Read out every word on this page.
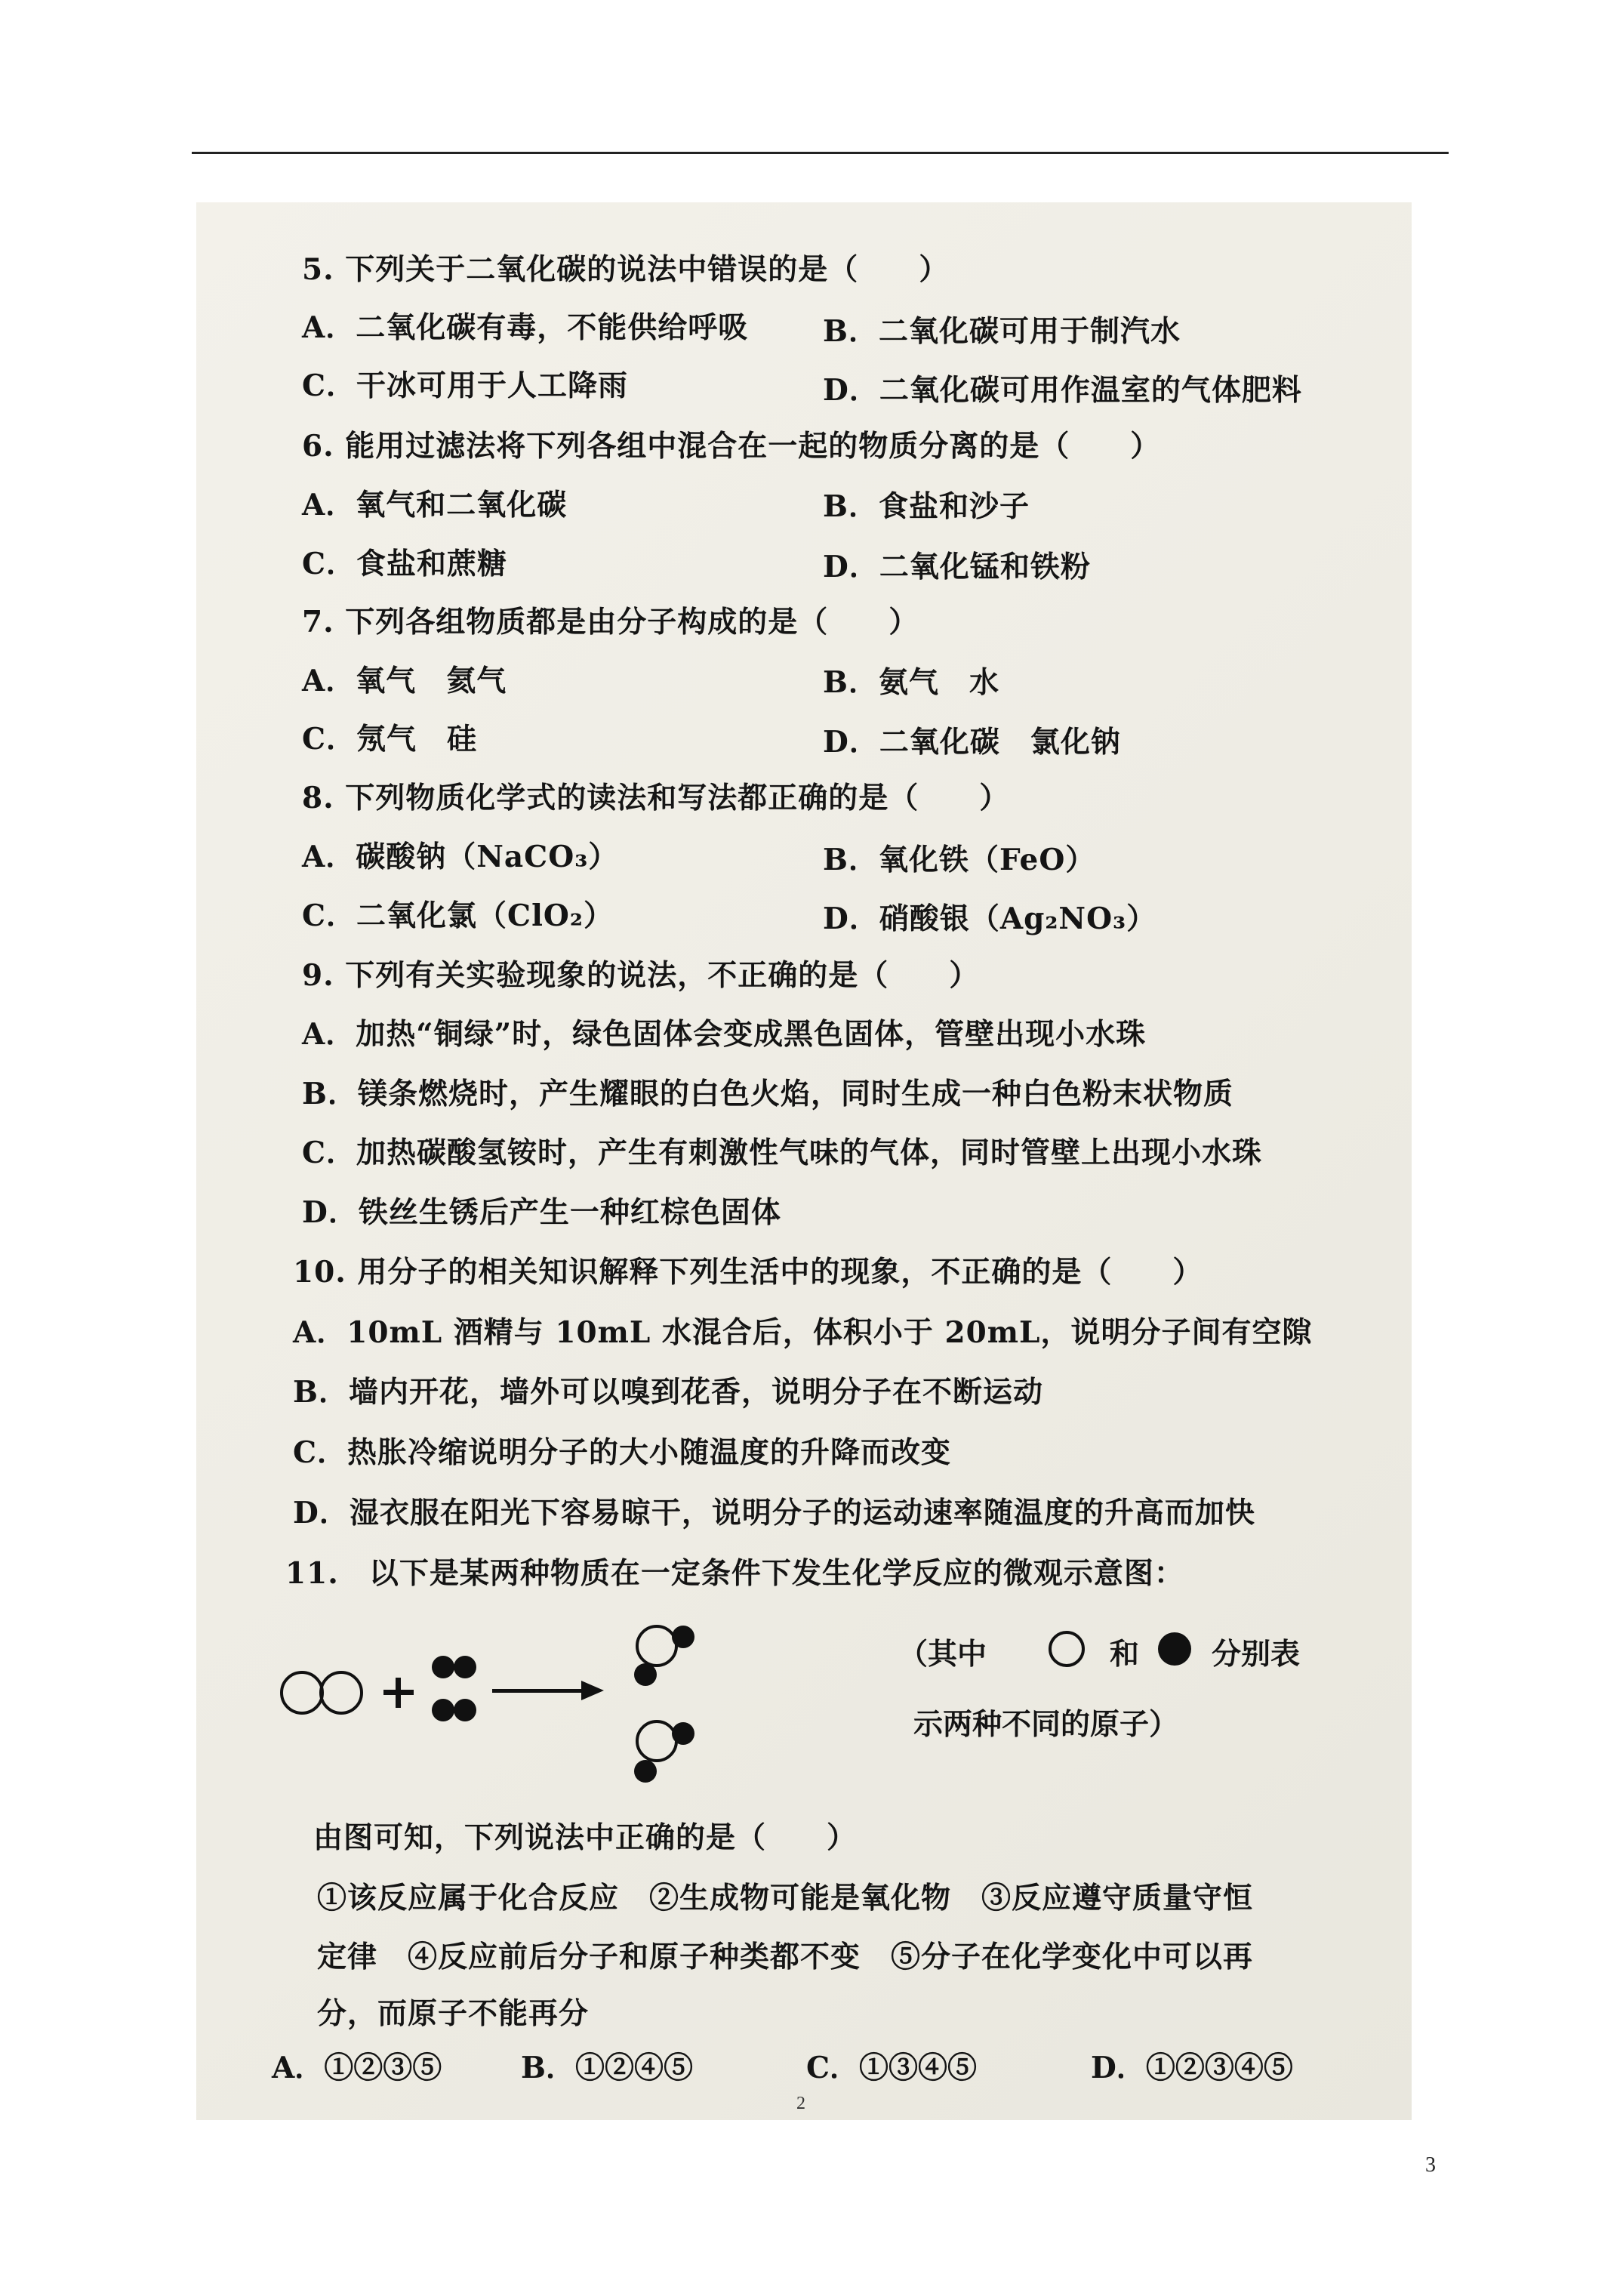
5. 下列关于二氧化碳的说法中错误的是（　　）
A．二氧化碳有毒，不能供给呼吸	B．二氧化碳可用于制汽水
C．干冰可用于人工降雨	D．二氧化碳可用作温室的气体肥料
6. 能用过滤法将下列各组中混合在一起的物质分离的是（　　）
A．氧气和二氧化碳	B．食盐和沙子
C．食盐和蔗糖	D．二氧化锰和铁粉
7. 下列各组物质都是由分子构成的是（　　）
A．氧气　氦气	B．氨气　水
C．氖气　硅	D．二氧化碳　氯化钠
8. 下列物质化学式的读法和写法都正确的是（　　）
A．碳酸钠（NaCO₃）	B．氧化铁（FeO）
C．二氧化氯（ClO₂）	D．硝酸银（Ag₂NO₃）
9. 下列有关实验现象的说法，不正确的是（　　）
A．加热“铜绿”时，绿色固体会变成黑色固体，管壁出现小水珠
B．镁条燃烧时，产生耀眼的白色火焰，同时生成一种白色粉末状物质
C．加热碳酸氢铵时，产生有刺激性气味的气体，同时管壁上出现小水珠
D．铁丝生锈后产生一种红棕色固体
10. 用分子的相关知识解释下列生活中的现象，不正确的是（　　）
A．10mL 酒精与 10mL 水混合后，体积小于 20mL，说明分子间有空隙
B．墙内开花，墙外可以嗅到花香，说明分子在不断运动
C．热胀冷缩说明分子的大小随温度的升降而改变
D．湿衣服在阳光下容易晾干，说明分子的运动速率随温度的升高而加快
11.　以下是某两种物质在一定条件下发生化学反应的微观示意图：
（其中	和 分别表
示两种不同的原子）
由图可知，下列说法中正确的是（　　）
①该反应属于化合反应　②生成物可能是氧化物　③反应遵守质量守恒
定律　④反应前后分子和原子种类都不变　⑤分子在化学变化中可以再
分，而原子不能再分
A．①②③⑤	B．①②④⑤	C．①③④⑤	D．①②③④⑤
2
3
